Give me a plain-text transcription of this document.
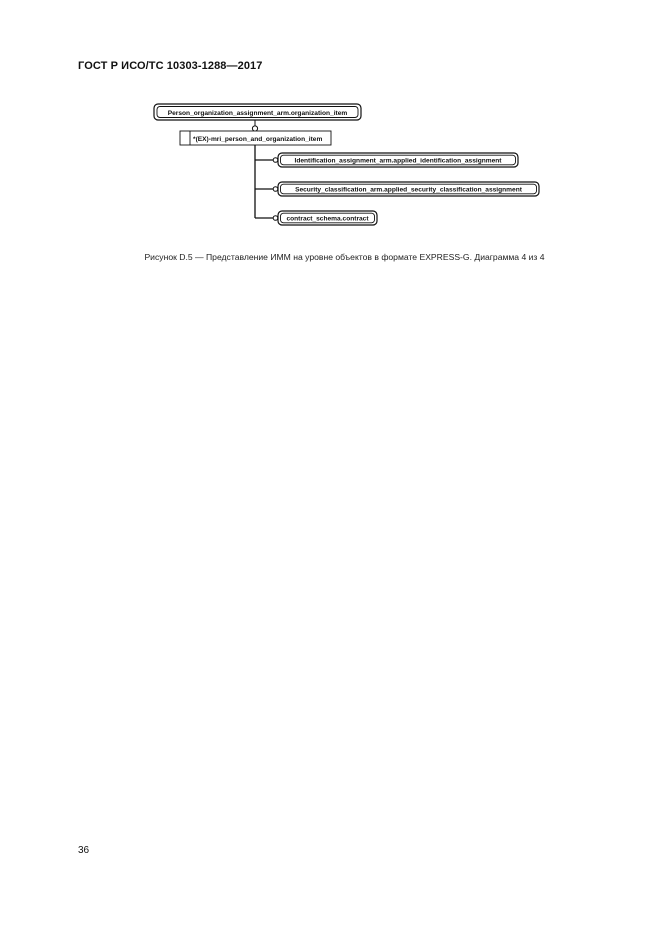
ГОСТ Р ИСО/ТС 10303-1288—2017
Person_organization_assignment_arm.organization_item
*(EX)-mri_person_and_organization_item
Identification_assignment_arm.applied_identification_assignment
Security_classification_arm.applied_security_classification_assignment
contract_schema.contract
Рисунок D.5 — Представление ИММ на уровне объектов в формате EXPRESS-G. Диаграмма 4 из 4
36
